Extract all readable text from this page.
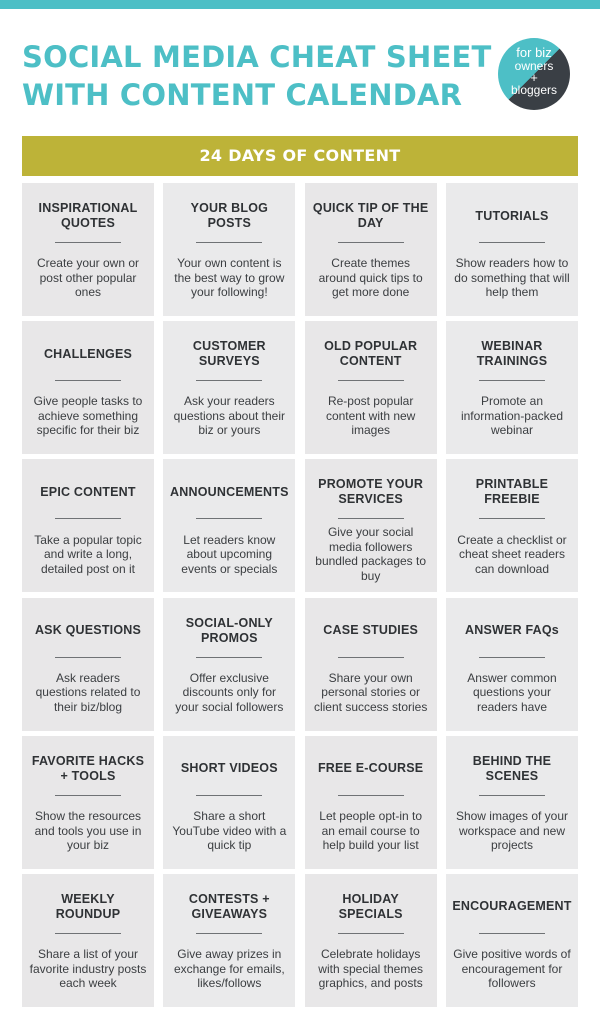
SOCIAL MEDIA CHEAT SHEET
WITH CONTENT CALENDAR
for biz
owners
+
bloggers
24 DAYS OF CONTENT
INSPIRATIONAL QUOTES
Create your own or post other popular ones
YOUR BLOG POSTS
Your own content is the best way to grow your following!
QUICK TIP OF THE DAY
Create themes around quick tips to get more done
TUTORIALS
Show readers how to do something that will help them
CHALLENGES
Give people tasks to achieve something specific for their biz
CUSTOMER SURVEYS
Ask your readers questions about their biz or yours
OLD POPULAR CONTENT
Re-post popular content with new images
WEBINAR TRAININGS
Promote an information-packed webinar
EPIC CONTENT
Take a popular topic and write a long, detailed post on it
ANNOUNCEMENTS
Let readers know about upcoming events or specials
PROMOTE YOUR SERVICES
Give your social media followers bundled packages to buy
PRINTABLE FREEBIE
Create a checklist or cheat sheet readers can download
ASK QUESTIONS
Ask readers questions related to their biz/blog
SOCIAL-ONLY PROMOS
Offer exclusive discounts only for your social followers
CASE STUDIES
Share your own personal stories or client success stories
ANSWER FAQs
Answer common questions your readers have
FAVORITE HACKS + TOOLS
Show the resources and tools you use in your biz
SHORT VIDEOS
Share a short YouTube video with a quick tip
FREE E-COURSE
Let people opt-in to an email course to help build your list
BEHIND THE SCENES
Show images of your workspace and new projects
WEEKLY ROUNDUP
Share a list of your favorite industry posts each week
CONTESTS + GIVEAWAYS
Give away prizes in exchange for emails, likes/follows
HOLIDAY SPECIALS
Celebrate holidays with special themes graphics, and posts
ENCOURAGEMENT
Give positive words of encouragement for followers
